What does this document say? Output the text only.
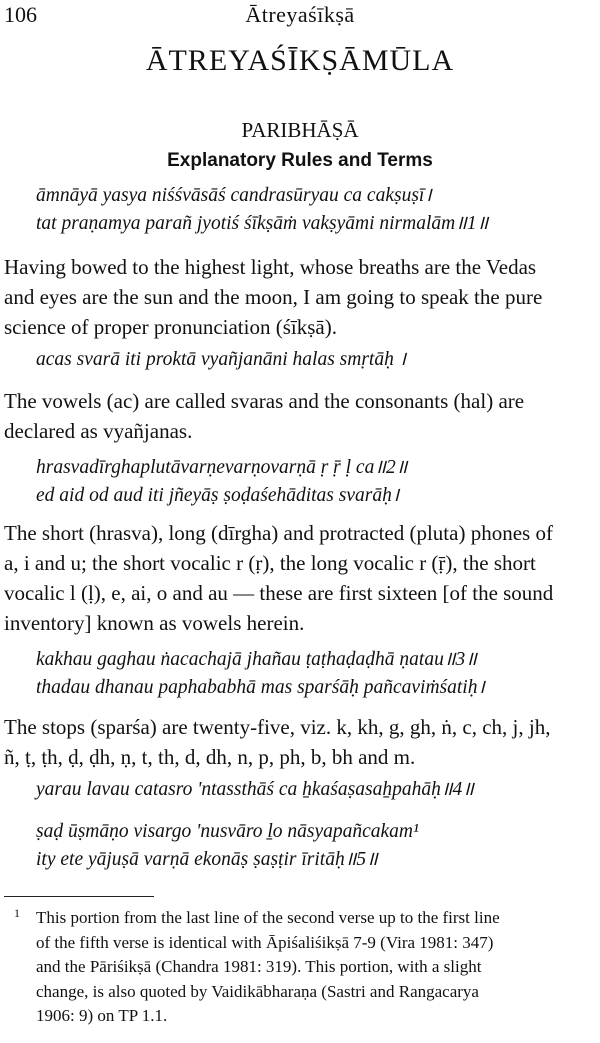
106	Ātreyaśīkṣā
ĀTREYAŚĪKṢĀMŪLA
PARIBHĀṢĀ
Explanatory Rules and Terms
āmnāyā yasya niśśvāsāś candrasūryau ca cakṣuṣī।
tat praṇamya parañ jyotiś śīkṣāṁ vakṣyāmi nirmalām॥1॥
Having bowed to the highest light, whose breaths are the Vedas
and eyes are the sun and the moon, I am going to speak the pure
science of proper pronunciation (śīkṣā).
acas svarā iti proktā vyañjanāni halas smṛtāḥ ।
The vowels (ac) are called svaras and the consonants (hal) are
declared as vyañjanas.
hrasvadīrghaplutāvarṇevarṇovarṇā ṛ ṝ ḷ ca॥2॥
ed aid od aud iti jñeyāṣ ṣoḍaśehāditas svarāḥ।
The short (hrasva), long (dīrgha) and protracted (pluta) phones of
a, i and u; the short vocalic r (ṛ), the long vocalic r (ṝ), the short
vocalic l (ḷ), e, ai, o and au — these are first sixteen [of the sound
inventory] known as vowels herein.
kakhau gaghau ṅacachajā jhañau ṭaṭhaḍaḍhā ṇatau॥3॥
thadau dhanau paphababhā mas sparśāḥ pañcaviṁśatiḥ।
The stops (sparśa) are twenty-five, viz. k, kh, g, gh, ṅ, c, ch, j, jh,
ñ, ṭ, ṭh, ḍ, ḍh, ṇ, t, th, d, dh, n, p, ph, b, bh and m.
yarau lavau catasro 'ntassthāś ca ẖkaśaṣasaẖpahāḥ॥4॥
ṣaḍ ūṣmāṇo visargo 'nusvāro ḻo nāsyapañcakam¹
ity ete yājuṣā varṇā ekonāṣ ṣaṣṭir īritāḥ॥5॥
1 This portion from the last line of the second verse up to the first line
of the fifth verse is identical with Āpiśaliśikṣā 7-9 (Vira 1981: 347)
and the Pāriśikṣā (Chandra 1981: 319). This portion, with a slight
change, is also quoted by Vaidikābharaṇa (Sastri and Rangacarya
1906: 9) on TP 1.1.
